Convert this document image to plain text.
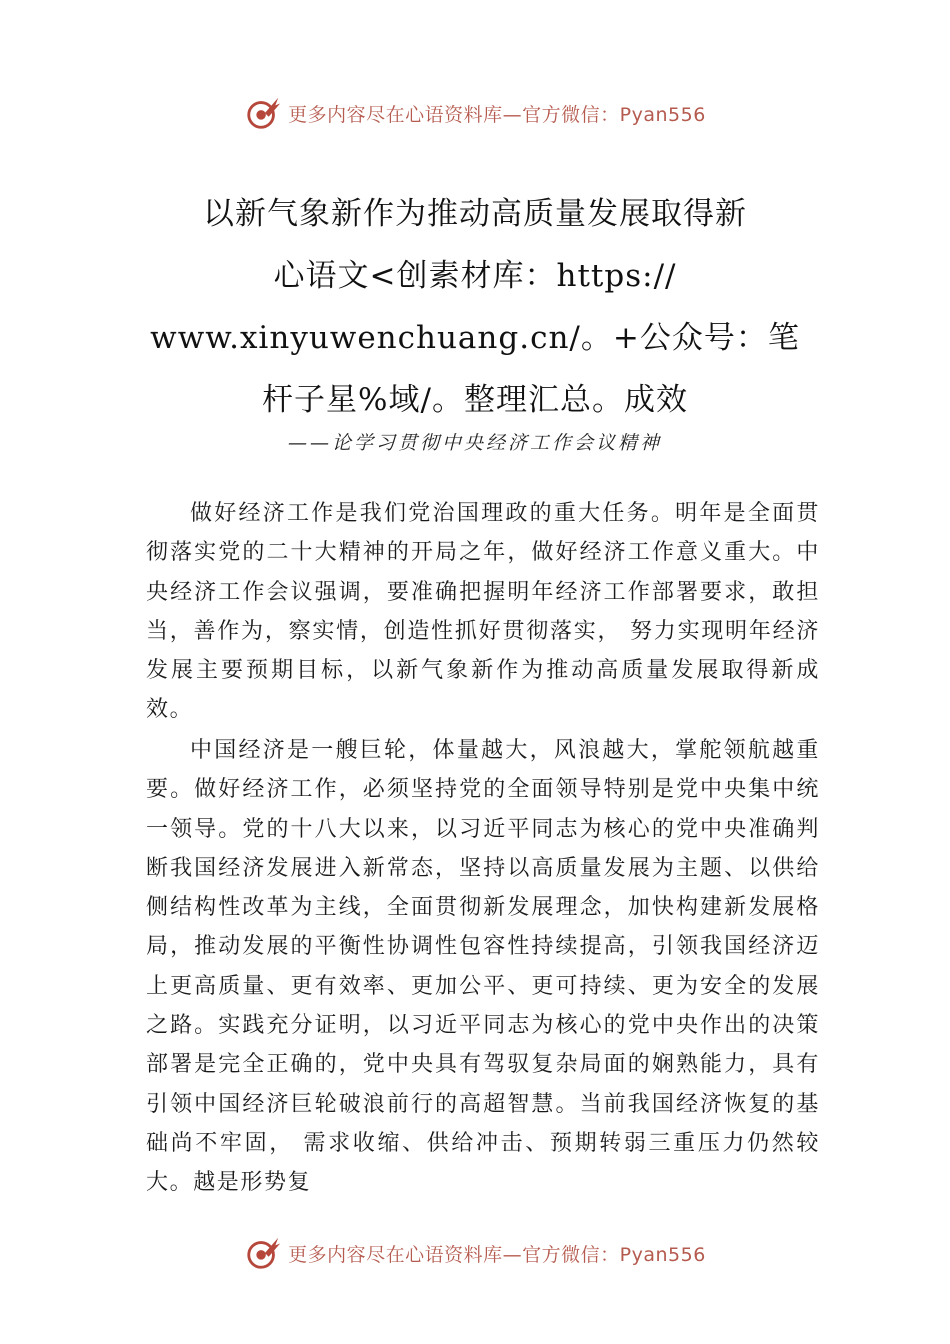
更多内容尽在心语资料库—官方微信：Pyan556
以新气象新作为推动高质量发展取得新
心语文<创素材库：https://
www.xinyuwenchuang.cn/。+公众号：笔
杆子星%域/。整理汇总。成效
——论学习贯彻中央经济工作会议精神

做好经济工作是我们党治国理政的重大任务。明年是全面贯彻落实党的二十大精神的开局之年，做好经济工作意义重大。中央经济工作会议强调，要准确把握明年经济工作部署要求，敢担当，善作为，察实情，创造性抓好贯彻落实， 努力实现明年经济发展主要预期目标，以新气象新作为推动高质量发展取得新成效。

中国经济是一艘巨轮，体量越大，风浪越大，掌舵领航越重要。做好经济工作，必须坚持党的全面领导特别是党中央集中统一领导。党的十八大以来，以习近平同志为核心的党中央准确判断我国经济发展进入新常态，坚持以高质量发展为主题、以供给侧结构性改革为主线，全面贯彻新发展理念，加快构建新发展格局，推动发展的平衡性协调性包容性持续提高，引领我国经济迈上更高质量、更有效率、更加公平、更可持续、更为安全的发展之路。实践充分证明，以习近平同志为核心的党中央作出的决策部署是完全正确的，党中央具有驾驭复杂局面的娴熟能力，具有引领中国经济巨轮破浪前行的高超智慧。当前我国经济恢复的基础尚不牢固， 需求收缩、供给冲击、预期转弱三重压力仍然较大。越是形势复

更多内容尽在心语资料库—官方微信：Pyan556
